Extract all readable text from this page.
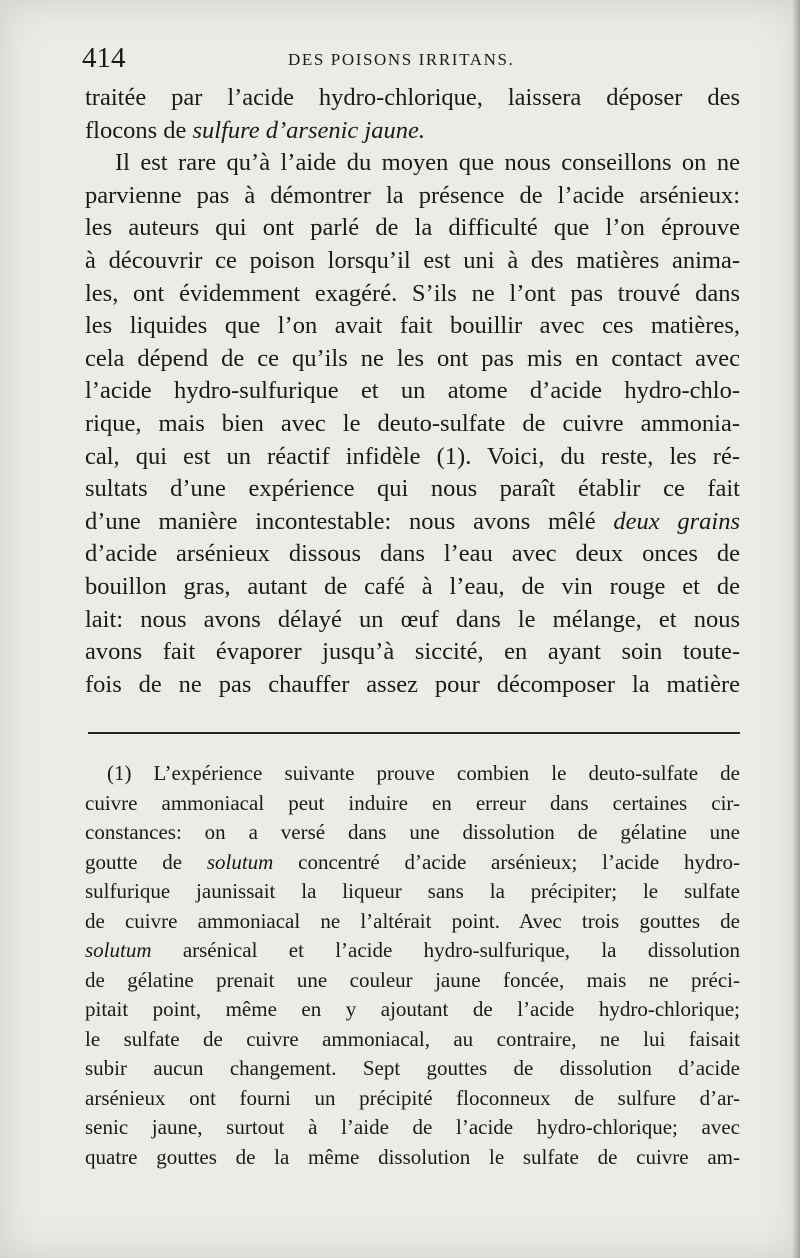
414	DES POISONS IRRITANS.
traitée par l’acide hydro-chlorique, laissera déposer des
flocons de sulfure d’arsenic jaune.
Il est rare qu’à l’aide du moyen que nous conseillons on ne
parvienne pas à démontrer la présence de l’acide arsénieux:
les auteurs qui ont parlé de la difficulté que l’on éprouve
à découvrir ce poison lorsqu’il est uni à des matières anima-
les, ont évidemment exagéré. S’ils ne l’ont pas trouvé dans
les liquides que l’on avait fait bouillir avec ces matières,
cela dépend de ce qu’ils ne les ont pas mis en contact avec
l’acide hydro-sulfurique et un atome d’acide hydro-chlo-
rique, mais bien avec le deuto-sulfate de cuivre ammonia-
cal, qui est un réactif infidèle (1). Voici, du reste, les ré-
sultats d’une expérience qui nous paraît établir ce fait
d’une manière incontestable: nous avons mêlé deux grains
d’acide arsénieux dissous dans l’eau avec deux onces de
bouillon gras, autant de café à l’eau, de vin rouge et de
lait: nous avons délayé un œuf dans le mélange, et nous
avons fait évaporer jusqu’à siccité, en ayant soin toute-
fois de ne pas chauffer assez pour décomposer la matière
(1) L’expérience suivante prouve combien le deuto-sulfate de
cuivre ammoniacal peut induire en erreur dans certaines cir-
constances: on a versé dans une dissolution de gélatine une
goutte de solutum concentré d’acide arsénieux; l’acide hydro-
sulfurique jaunissait la liqueur sans la précipiter; le sulfate
de cuivre ammoniacal ne l’altérait point. Avec trois gouttes de
solutum arsénical et l’acide hydro-sulfurique, la dissolution
de gélatine prenait une couleur jaune foncée, mais ne préci-
pitait point, même en y ajoutant de l’acide hydro-chlorique;
le sulfate de cuivre ammoniacal, au contraire, ne lui faisait
subir aucun changement. Sept gouttes de dissolution d’acide
arsénieux ont fourni un précipité floconneux de sulfure d’ar-
senic jaune, surtout à l’aide de l’acide hydro-chlorique; avec
quatre gouttes de la même dissolution le sulfate de cuivre am-
